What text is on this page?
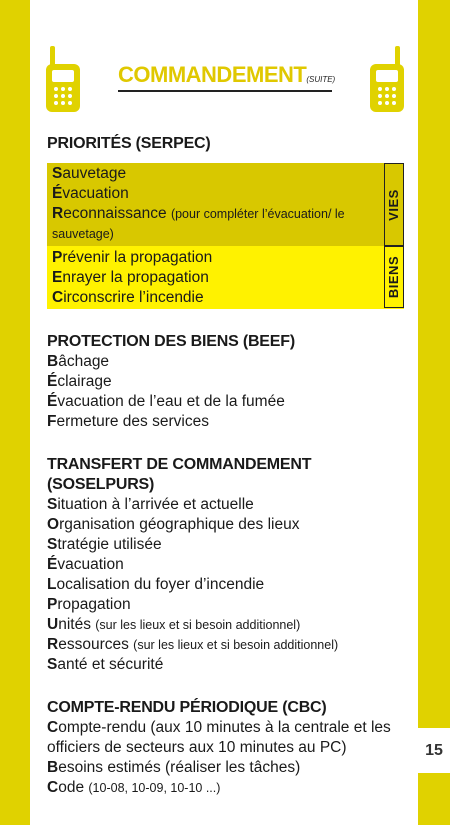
15
COMMANDEMENT(SUITE)
PRIORITÉS (SERPEC)
Sauvetage
Évacuation
Reconnaissance (pour compléter l’évacuation/ le sauvetage)
Prévenir la propagation
Enrayer la propagation
Circonscrire l’incendie
VIES
BIENS
PROTECTION DES BIENS (BEEF)
Bâchage
Éclairage
Évacuation de l’eau et de la fumée
Fermeture des services
TRANSFERT DE COMMANDEMENT (SOSELPURS)
Situation à l’arrivée et actuelle
Organisation géographique des lieux
Stratégie utilisée
Évacuation
Localisation du foyer d’incendie
Propagation
Unités (sur les lieux et si besoin additionnel)
Ressources (sur les lieux et si besoin additionnel)
Santé et sécurité
COMPTE-RENDU PÉRIODIQUE (CBC)
Compte-rendu (aux 10 minutes à la centrale et les officiers de secteurs aux 10 minutes au PC)
Besoins estimés (réaliser les tâches)
Code (10-08, 10-09, 10-10 ...)
